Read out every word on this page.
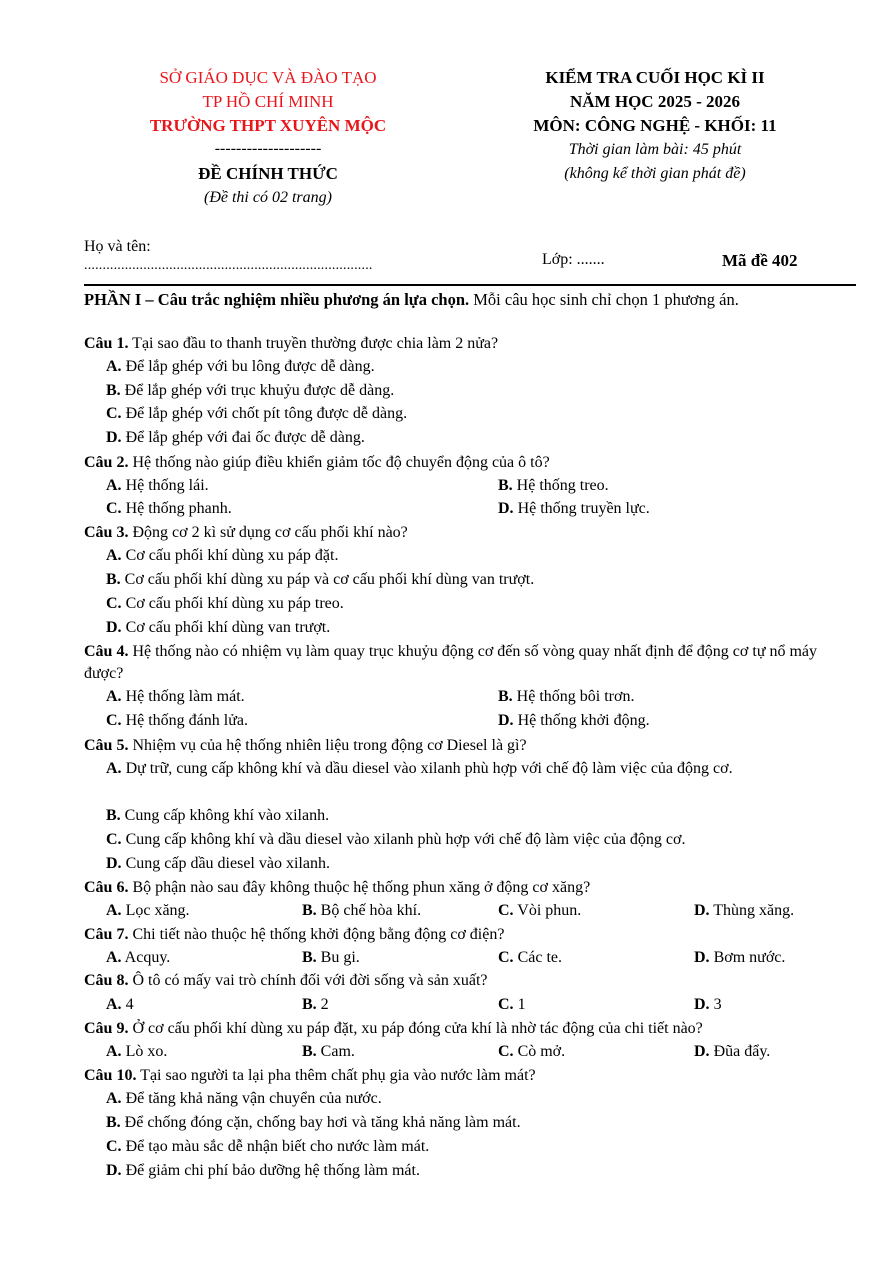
SỞ GIÁO DỤC VÀ ĐÀO TẠO
TP HỒ CHÍ MINH
TRƯỜNG THPT XUYÊN MỘC
--------------------
ĐỀ CHÍNH THỨC
(Đề thi có 02 trang)
KIỂM TRA CUỐI HỌC KÌ II
NĂM HỌC 2025 - 2026
MÔN: CÔNG NGHỆ - KHỐI: 11
Thời gian làm bài: 45 phút
(không kể thời gian phát đề)
Họ và tên:
..............................................................................	Lớp: .......	Mã đề 402
PHẦN I – Câu trắc nghiệm nhiều phương án lựa chọn. Mỗi câu học sinh chỉ chọn 1 phương án.
Câu 1. Tại sao đầu to thanh truyền thường được chia làm 2 nửa?
A. Để lắp ghép với bu lông được dễ dàng.
B. Để lắp ghép với trục khuỷu được dễ dàng.
C. Để lắp ghép với chốt pít tông được dễ dàng.
D. Để lắp ghép với đai ốc được dễ dàng.
Câu 2. Hệ thống nào giúp điều khiển giảm tốc độ chuyển động của ô tô?
A. Hệ thống lái.	B. Hệ thống treo.
C. Hệ thống phanh.	D. Hệ thống truyền lực.
Câu 3. Động cơ 2 kì sử dụng cơ cấu phối khí nào?
A. Cơ cấu phối khí dùng xu páp đặt.
B. Cơ cấu phối khí dùng xu páp và cơ cấu phối khí dùng van trượt.
C. Cơ cấu phối khí dùng xu páp treo.
D. Cơ cấu phối khí dùng van trượt.
Câu 4. Hệ thống nào có nhiệm vụ làm quay trục khuỷu động cơ đến số vòng quay nhất định để động cơ tự nổ máy được?
A. Hệ thống làm mát.	B. Hệ thống bôi trơn.
C. Hệ thống đánh lửa.	D. Hệ thống khởi động.
Câu 5. Nhiệm vụ của hệ thống nhiên liệu trong động cơ Diesel là gì?
A. Dự trữ, cung cấp không khí và dầu diesel vào xilanh phù hợp với chế độ làm việc của động cơ.
B. Cung cấp không khí vào xilanh.
C. Cung cấp không khí và dầu diesel vào xilanh phù hợp với chế độ làm việc của động cơ.
D. Cung cấp dầu diesel vào xilanh.
Câu 6. Bộ phận nào sau đây không thuộc hệ thống phun xăng ở động cơ xăng?
A. Lọc xăng.	B. Bộ chế hòa khí.	C. Vòi phun.	D. Thùng xăng.
Câu 7. Chi tiết nào thuộc hệ thống khởi động bằng động cơ điện?
A. Acquy.	B. Bu gi.	C. Các te.	D. Bơm nước.
Câu 8. Ô tô có mấy vai trò chính đối với đời sống và sản xuất?
A. 4	B. 2	C. 1	D. 3
Câu 9. Ở cơ cấu phối khí dùng xu páp đặt, xu páp đóng cửa khí là nhờ tác động của chi tiết nào?
A. Lò xo.	B. Cam.	C. Cò mở.	D. Đũa đẩy.
Câu 10. Tại sao người ta lại pha thêm chất phụ gia vào nước làm mát?
A. Để tăng khả năng vận chuyển của nước.
B. Để chống đóng cặn, chống bay hơi và tăng khả năng làm mát.
C. Để tạo màu sắc dễ nhận biết cho nước làm mát.
D. Để giảm chi phí bảo dưỡng hệ thống làm mát.
